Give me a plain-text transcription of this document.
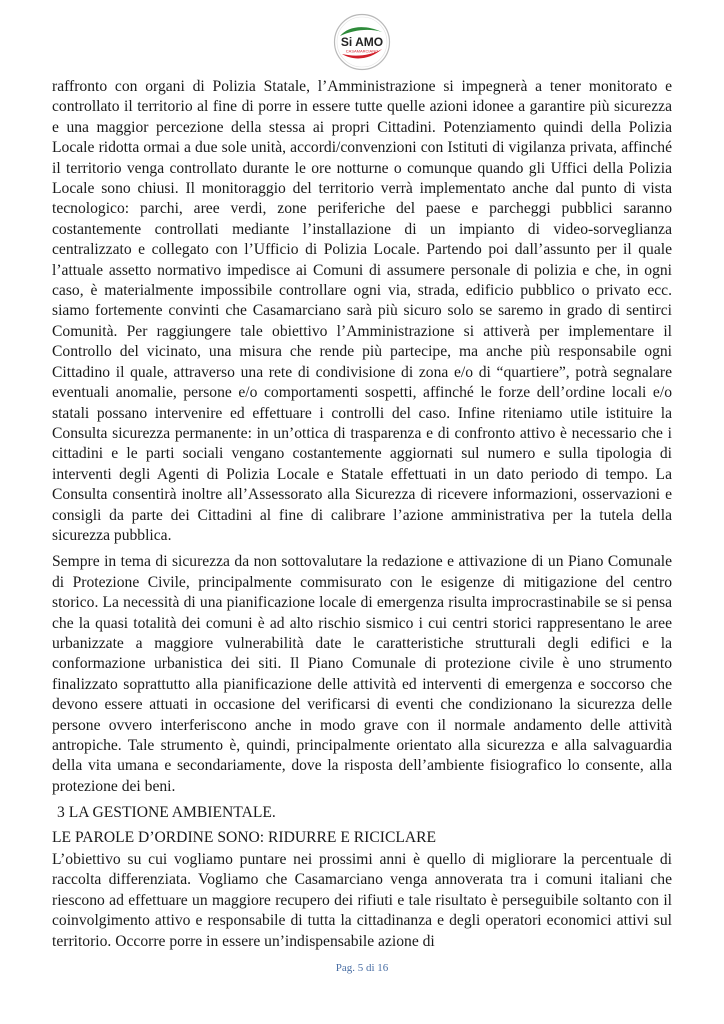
Si AMO
CASAMARCIANO

raffronto con organi di Polizia Statale, l’Amministrazione si impegnerà a tener monitorato e controllato il territorio al fine di porre in essere tutte quelle azioni idonee a garantire più sicurezza e una maggior percezione della stessa ai propri Cittadini. Potenziamento quindi della Polizia Locale ridotta ormai a due sole unità, accordi/convenzioni con Istituti di vigilanza privata, affinché il territorio venga controllato durante le ore notturne o comunque quando gli Uffici della Polizia Locale sono chiusi. Il monitoraggio del territorio verrà implementato anche dal punto di vista tecnologico: parchi, aree verdi, zone periferiche del paese e parcheggi pubblici saranno costantemente controllati mediante l’installazione di un impianto di video-sorveglianza centralizzato e collegato con l’Ufficio di Polizia Locale. Partendo poi dall’assunto per il quale l’attuale assetto normativo impedisce ai Comuni di assumere personale di polizia e che, in ogni caso, è materialmente impossibile controllare ogni via, strada, edificio pubblico o privato ecc. siamo fortemente convinti che Casamarciano sarà più sicuro solo se saremo in grado di sentirci Comunità. Per raggiungere tale obiettivo l’Amministrazione si attiverà per implementare il Controllo del vicinato, una misura che rende più partecipe, ma anche più responsabile ogni Cittadino il quale, attraverso una rete di condivisione di zona e/o di “quartiere”, potrà segnalare eventuali anomalie, persone e/o comportamenti sospetti, affinché le forze dell’ordine locali e/o statali possano intervenire ed effettuare i controlli del caso. Infine riteniamo utile istituire la Consulta sicurezza permanente: in un’ottica di trasparenza e di confronto attivo è necessario che i cittadini e le parti sociali vengano costantemente aggiornati sul numero e sulla tipologia di interventi degli Agenti di Polizia Locale e Statale effettuati in un dato periodo di tempo. La Consulta consentirà inoltre all’Assessorato alla Sicurezza di ricevere informazioni, osservazioni e consigli da parte dei Cittadini al fine di calibrare l’azione amministrativa per la tutela della sicurezza pubblica.

Sempre in tema di sicurezza da non sottovalutare la redazione e attivazione di un Piano Comunale di Protezione Civile, principalmente commisurato con le esigenze di mitigazione del centro storico. La necessità di una pianificazione locale di emergenza risulta improcrastinabile se si pensa che la quasi totalità dei comuni è ad alto rischio sismico i cui centri storici rappresentano le aree urbanizzate a maggiore vulnerabilità date le caratteristiche strutturali degli edifici e la conformazione urbanistica dei siti. Il Piano Comunale di protezione civile è uno strumento finalizzato soprattutto alla pianificazione delle attività ed interventi di emergenza e soccorso che devono essere attuati in occasione del verificarsi di eventi che condizionano la sicurezza delle persone ovvero interferiscono anche in modo grave con il normale andamento delle attività antropiche. Tale strumento è, quindi, principalmente orientato alla sicurezza e alla salvaguardia della vita umana e secondariamente, dove la risposta dell’ambiente fisiografico lo consente, alla protezione dei beni.

3 LA GESTIONE AMBIENTALE.

LE PAROLE D’ORDINE SONO: RIDURRE E RICICLARE

L’obiettivo su cui vogliamo puntare nei prossimi anni è quello di migliorare la percentuale di raccolta differenziata. Vogliamo che Casamarciano venga annoverata tra i comuni italiani che riescono ad effettuare un maggiore recupero dei rifiuti e tale risultato è perseguibile soltanto con il coinvolgimento attivo e responsabile di tutta la cittadinanza e degli operatori economici attivi sul territorio. Occorre porre in essere un’indispensabile azione di

Pag. 5 di 16
